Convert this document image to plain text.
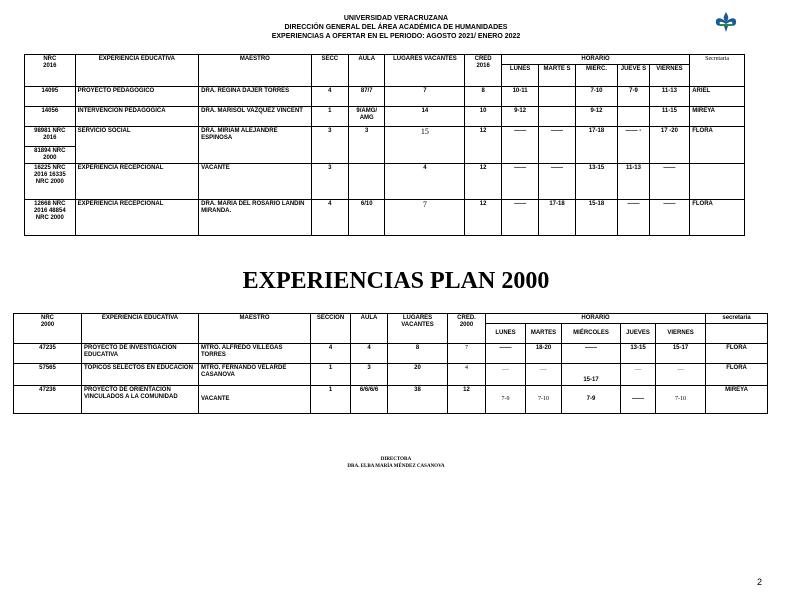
UNIVERSIDAD VERACRUZANA
DIRECCIÓN GENERAL DEL ÁREA ACADÉMICA DE HUMANIDADES
EXPERIENCIAS A OFERTAR EN EL PERIODO: AGOSTO 2021/ ENERO 2022
NRC
2016	EXPERIENCIA EDUCATIVA	MAESTRO	SECC	AULA	LUGARES VACANTES	CRED
2016	HORARIO					Secretaria
							LUNES	MARTE S	MIERC.	JUEVE S	VIERNES	
14095	PROYECTO PEDAGOGICO	DRA. REGINA DAJER TORRES	4	87/7	7	8	10-11		7-10	7-9	11-13	ARIEL
14056	INTERVENCIÓN PEDAGÓGICA	DRA. MARISOL VAZQUEZ VINCENT	1	9/AMG/ AMG	14	10	9-12		9-12		11-15	MIREYA
98981 NRC 2016	SERVICIO SOCIAL	DRA. MIRIAM ALEJANDRE ESPINOSA	3	3	15	12	——	——	17-18	—— -	17 -20	FLORA
81894 NRC 2000												
16225 NRC 2016 16335 NRC 2000	EXPERIENCIA RECEPCIONAL	VACANTE	3		4	12	——	——	13-15	11-13	——	
12668 NRC 2016 48854 NRC 2000	EXPERIENCIA RECEPCIONAL	DRA. MARIA DEL ROSARIO LANDIN MIRANDA.	4	6/10	7	12	——	17-18	15-18	——	——	FLORA
EXPERIENCIAS PLAN 2000
NRC
2000	EXPERIENCIA EDUCATIVA	MAESTRO	SECCION	AULA	LUGARES VACANTES	CRED.
2000	HORARIO					secretaria
							LUNES	MARTES	MIÉRCOLES	JUEVES	VIERNES	
47235	PROYECTO DE INVESTIGACIÓN EDUCATIVA	MTRO. ALFREDO VILLEGAS TORRES	4	4	8	7	——	18-20	——	13-15	15-17	FLORA
57565	TÓPICOS SELECTOS EN EDUCACIÓN	MTRO. FERNANDO VELARDE CASANOVA	1	3	20	4	__	__	15-17	__	__	FLORA
47236	PROYECTO DE ORIENTACIÓN VINCULADOS A LA COMUNIDAD	VACANTE	1	6/6/6/6	38	12	7-9	7-10	7-9	——	7-10	MIREYA
DIRECTORA
DRA. ELBA MARÍA MÉNDEZ CASANOVA
2
